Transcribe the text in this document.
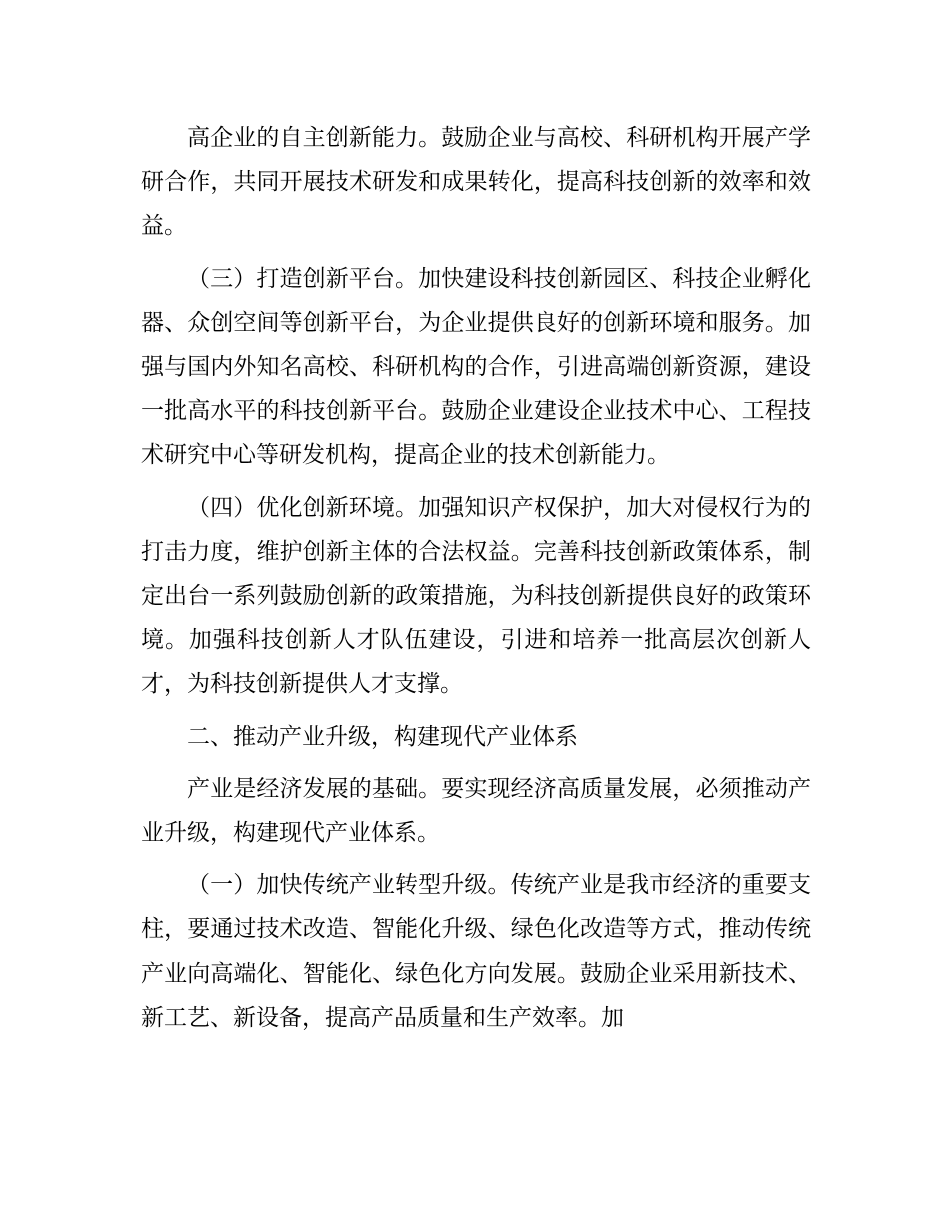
高企业的自主创新能力。鼓励企业与高校、科研机构开展产学研合作，共同开展技术研发和成果转化，提高科技创新的效率和效益。

（三）打造创新平台。加快建设科技创新园区、科技企业孵化器、众创空间等创新平台，为企业提供良好的创新环境和服务。加强与国内外知名高校、科研机构的合作，引进高端创新资源，建设一批高水平的科技创新平台。鼓励企业建设企业技术中心、工程技术研究中心等研发机构，提高企业的技术创新能力。

（四）优化创新环境。加强知识产权保护，加大对侵权行为的打击力度，维护创新主体的合法权益。完善科技创新政策体系，制定出台一系列鼓励创新的政策措施，为科技创新提供良好的政策环境。加强科技创新人才队伍建设，引进和培养一批高层次创新人才，为科技创新提供人才支撑。

二、推动产业升级，构建现代产业体系

产业是经济发展的基础。要实现经济高质量发展，必须推动产业升级，构建现代产业体系。

（一）加快传统产业转型升级。传统产业是我市经济的重要支柱，要通过技术改造、智能化升级、绿色化改造等方式，推动传统产业向高端化、智能化、绿色化方向发展。鼓励企业采用新技术、新工艺、新设备，提高产品质量和生产效率。加
